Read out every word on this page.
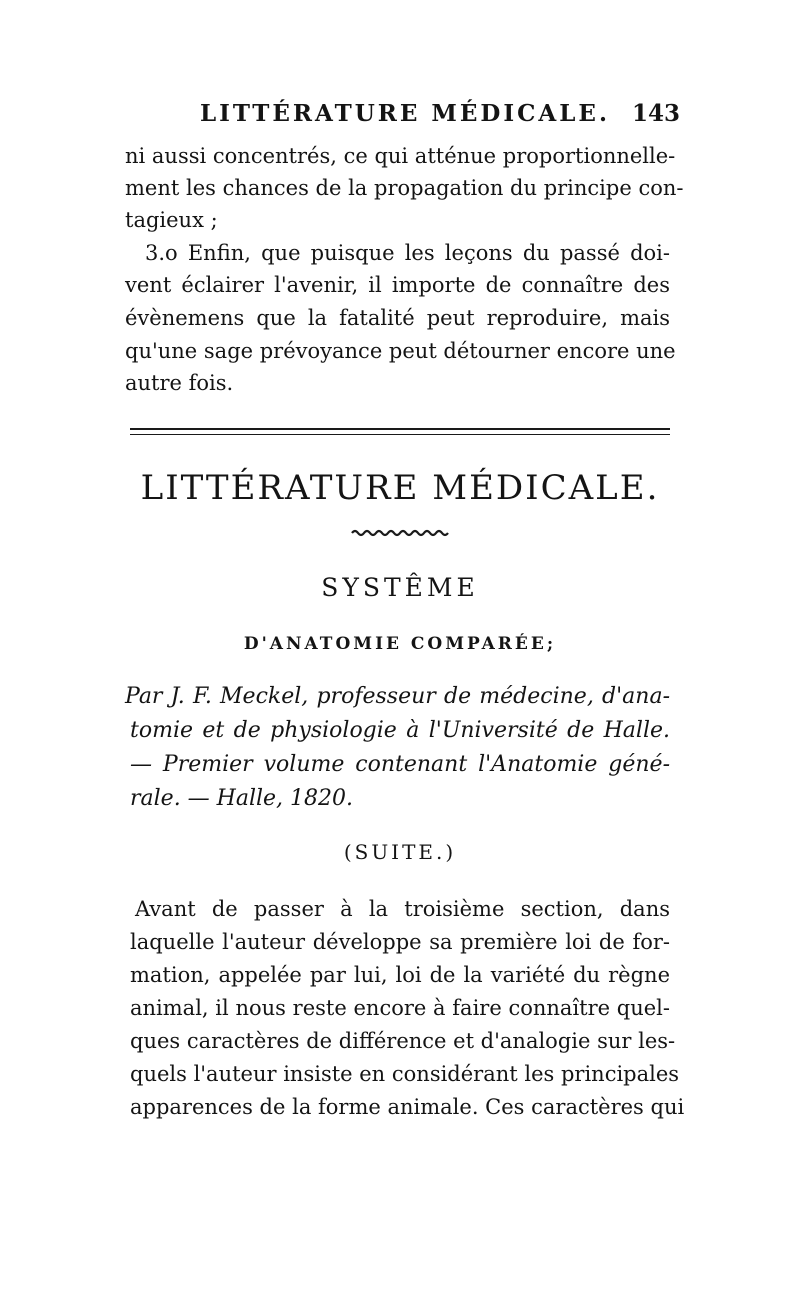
LITTÉRATURE MÉDICALE. 143
ni aussi concentrés, ce qui atténue proportionnelle-
ment les chances de la propagation du principe con-
tagieux ;
3.o Enfin, que puisque les leçons du passé doi-
vent éclairer l'avenir, il importe de connaître des
évènemens que la fatalité peut reproduire, mais
qu'une sage prévoyance peut détourner encore une
autre fois.
LITTÉRATURE MÉDICALE.
SYSTÊME
D'ANATOMIE COMPARÉE;
Par J. F. Meckel, professeur de médecine, d'ana-
tomie et de physiologie à l'Université de Halle.
— Premier volume contenant l'Anatomie géné-
rale. — Halle, 1820.
(SUITE.)
Avant de passer à la troisième section, dans
laquelle l'auteur développe sa première loi de for-
mation, appelée par lui, loi de la variété du règne
animal, il nous reste encore à faire connaître quel-
ques caractères de différence et d'analogie sur les-
quels l'auteur insiste en considérant les principales
apparences de la forme animale. Ces caractères qui
